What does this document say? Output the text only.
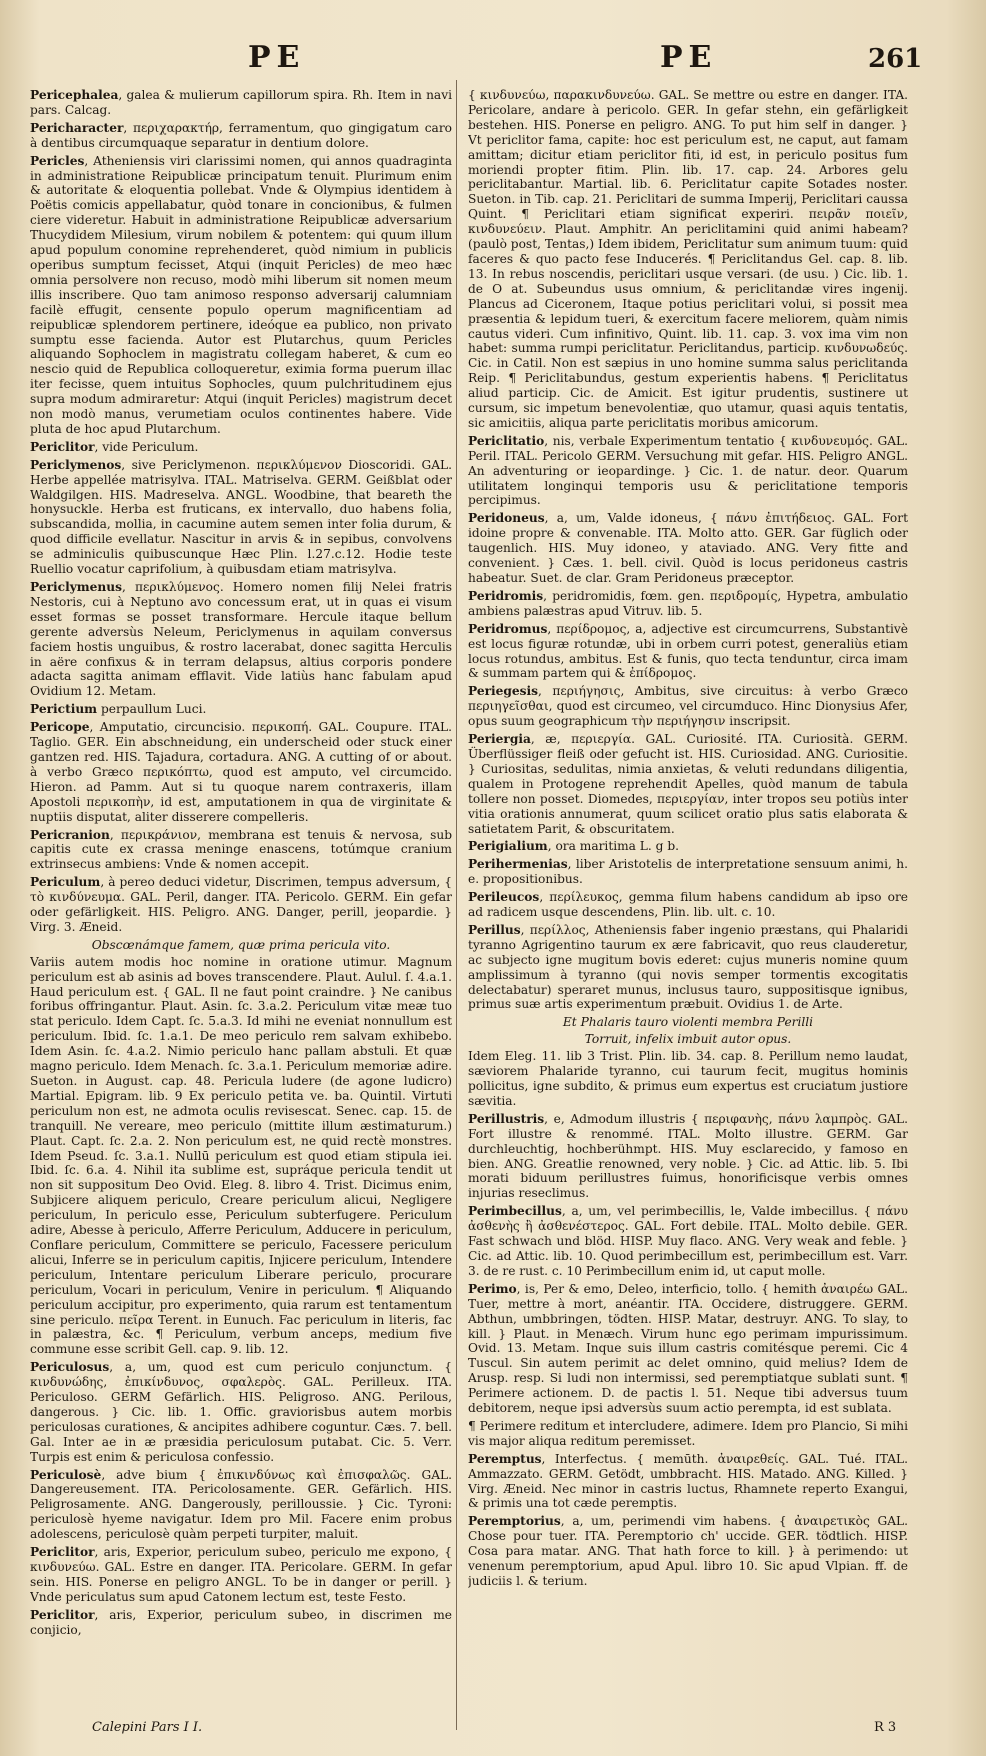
PE	PE	261
Pericephalea, galea & mulierum capillorum spira. Rh. Item in navi pars. Calcag.
Pericharacter, περιχαρακτήρ, ferramentum, quo gingigatum caro à dentibus circumquaque separatur in dentium dolore.
Pericles, Atheniensis viri clarissimi nomen, qui annos quadraginta in administratione Reipublicæ principatum tenuit. Plurimum enim & autoritate & eloquentia pollebat. Vnde & Olympius identidem à Poëtis comicis appellabatur, quòd tonare in concionibus, & fulmen ciere videretur. Habuit in administratione Reipublicæ adversarium Thucydidem Milesium, virum nobilem & potentem: qui quum illum apud populum conomine reprehenderet, quòd nimium in publicis operibus sumptum fecisset, Atqui (inquit Pericles) de meo hæc omnia persolvere non recuso, modò mihi liberum sit nomen meum illis inscribere. Quo tam animoso responso adversarij calumniam facilè effugit, censente populo operum magnificentiam ad reipublicæ splendorem pertinere, ideóque ea publico, non privato sumptu esse facienda. Autor est Plutarchus, quum Pericles aliquando Sophoclem in magistratu collegam haberet, & cum eo nescio quid de Republica colloqueretur, eximia forma puerum illac iter fecisse, quem intuitus Sophocles, quum pulchritudinem ejus supra modum admiraretur: Atqui (inquit Pericles) magistrum decet non modò manus, verumetiam oculos continentes habere. Vide pluta de hoc apud Plutarchum.
Periclitor, vide Periculum.
Periclymenos, sive Periclymenon. περικλύμενον Dioscoridi. GAL. Herbe appellée matrisylva. ITAL. Matriselva. GERM. Geißblat oder Waldgilgen. HIS. Madreselva. ANGL. Woodbine, that beareth the honysuckle. Herba est fruticans, ex intervallo, duo habens folia, subscandida, mollia, in cacumine autem semen inter folia durum, & quod difficile evellatur. Nascitur in arvis & in sepibus, convolvens se adminiculis quibuscunque Hæc Plin. l.27.c.12. Hodie teste Ruellio vocatur caprifolium, à quibusdam etiam matrisylva.
Periclymenus, περικλύμενος. Homero nomen filij Nelei fratris Nestoris, cui à Neptuno avo concessum erat, ut in quas ei visum esset formas se posset transformare. Hercule itaque bellum gerente adversùs Neleum, Periclymenus in aquilam conversus faciem hostis unguibus, & rostro lacerabat, donec sagitta Herculis in aëre confixus & in terram delapsus, altius corporis pondere adacta sagitta animam efflavit. Vide latiùs hanc fabulam apud Ovidium 12. Metam.
Perictium perpaullum Luci.
Pericope, Amputatio, circuncisio. περικοπή. GAL. Coupure. ITAL. Taglio. GER. Ein abschneidung, ein underscheid oder stuck einer gantzen red. HIS. Tajadura, cortadura. ANG. A cutting of or about. à verbo Græco περικόπτω, quod est amputo, vel circumcido. Hieron. ad Pamm. Aut si tu quoque narem contraxeris, illam Apostoli περικοπὴν, id est, amputationem in qua de virginitate & nuptiis disputat, aliter disserere compelleris.
Pericranion, περικράνιον, membrana est tenuis & nervosa, sub capitis cute ex crassa meninge enascens, totúmque cranium extrinsecus ambiens: Vnde & nomen accepit.
Periculum, à pereo deduci videtur, Discrimen, tempus adversum, { τὸ κινδύνευμα. GAL. Peril, danger. ITA. Pericolo. GERM. Ein gefar oder gefärligkeit. HIS. Peligro. ANG. Danger, perill, jeopardie. } Virg. 3. Æneid.
Obscœnámque famem, quæ prima pericula vito.
Variis autem modis hoc nomine in oratione utimur. Magnum periculum est ab asinis ad boves transcendere. Plaut. Aulul. ſ. 4.a.1. Haud periculum est. { GAL. Il ne faut point craindre. } Ne canibus foribus offringantur. Plaut. Asin. ſc. 3.a.2. Periculum vitæ meæ tuo stat periculo. Idem Capt. ſc. 5.a.3. Id mihi ne eveniat nonnullum est periculum. Ibid. ſc. 1.a.1. De meo periculo rem salvam exhibebo. Idem Asin. ſc. 4.a.2. Nimio periculo hanc pallam abstuli. Et quæ magno periculo. Idem Menach. ſc. 3.a.1. Periculum memoriæ adire. Sueton. in August. cap. 48. Pericula ludere (de agone ludicro) Martial. Epigram. lib. 9 Ex periculo petita ve. ba. Quintil. Virtuti periculum non est, ne admota oculis revisescat. Senec. cap. 15. de tranquill. Ne vereare, meo periculo (mittite illum æstimaturum.) Plaut. Capt. ſc. 2.a. 2. Non periculum est, ne quid rectè monstres. Idem Pseud. ſc. 3.a.1. Nullū periculum est quod etiam stipula iei. Ibid. ſc. 6.a. 4. Nihil ita sublime est, supráque pericula tendit ut non sit suppositum Deo Ovid. Eleg. 8. libro 4. Trist. Dicimus enim, Subjicere aliquem periculo, Creare periculum alicui, Negligere periculum, In periculo esse, Periculum subterfugere. Periculum adire, Abesse à periculo, Afferre Periculum, Adducere in periculum, Conflare periculum, Committere se periculo, Facessere periculum alicui, Inferre se in periculum capitis, Injicere periculum, Intendere periculum, Intentare periculum Liberare periculo, procurare periculum, Vocari in periculum, Venire in periculum. ¶ Aliquando periculum accipitur, pro experimento, quia rarum est tentamentum sine periculo. πεῖρα Terent. in Eunuch. Fac periculum in literis, fac in palæstra, &c. ¶ Periculum, verbum anceps, medium five commune esse scribit Gell. cap. 9. lib. 12.
Periculosus, a, um, quod est cum periculo conjunctum. { κινδυνώδης, ἐπικίνδυνος, σφαλερὸς. GAL. Perilleux. ITA. Periculoso. GERM Gefärlich. HIS. Peligroso. ANG. Perilous, dangerous. } Cic. lib. 1. Offic. graviorisbus autem morbis periculosas curationes, & ancipites adhibere coguntur. Cæs. 7. bell. Gal. Inter ae in æ præsidia periculosum putabat. Cic. 5. Verr. Turpis est enim & periculosa confessio.
Periculosè, adve bium { ἐπικινδύνως καὶ ἐπισφαλῶς. GAL. Dangereusement. ITA. Pericolosamente. GER. Gefärlich. HIS. Peligrosamente. ANG. Dangerously, perilloussie. } Cic. Tyroni: periculosè hyeme navigatur. Idem pro Mil. Facere enim probus adolescens, periculosè quàm perpeti turpiter, maluit.
Periclitor, aris, Experior, periculum subeo, periculo me expono, { κινδυνεύω. GAL. Estre en danger. ITA. Pericolare. GERM. In gefar sein. HIS. Ponerse en peligro ANGL. To be in danger or perill. } Vnde periculatus sum apud Catonem lectum est, teste Festo.
Periclitor, aris, Experior, periculum subeo, in discrimen me conjicio,
{ κινδυνεύω, παρακινδυνεύω. GAL. Se mettre ou estre en danger. ITA. Pericolare, andare à pericolo. GER. In gefar stehn, ein gefärligkeit bestehen. HIS. Ponerse en peligro. ANG. To put him self in danger. } Vt periclitor fama, capite: hoc est periculum est, ne caput, aut famam amittam; dicitur etiam periclitor fiti, id est, in periculo positus fum moriendi propter fitim. Plin. lib. 17. cap. 24. Arbores gelu periclitabantur. Martial. lib. 6. Periclitatur capite Sotades noster. Sueton. in Tib. cap. 21. Periclitari de summa Imperij, Periclitari caussa Quint. ¶ Periclitari etiam significat experiri. πειρᾶν ποιεῖν, κινδυνεύειν. Plaut. Amphitr. An periclitamini quid animi habeam? (paulò post, Tentas,) Idem ibidem, Periclitatur sum animum tuum: quid faceres & quo pacto fese Inducerés. ¶ Periclitandus Gel. cap. 8. lib. 13. In rebus noscendis, periclitari usque versari. (de usu. ) Cic. lib. 1. de O at. Subeundus usus omnium, & periclitandæ vires ingenij. Plancus ad Ciceronem, Itaque potius periclitari volui, si possit mea præsentia & lepidum tueri, & exercitum facere meliorem, quàm nimis cautus videri. Cum infinitivo, Quint. lib. 11. cap. 3. vox ima vim non habet: summa rumpi periclitatur. Periclitandus, particip. κινδυνωδεύς. Cic. in Catil. Non est sæpius in uno homine summa salus periclitanda Reip. ¶ Periclitabundus, gestum experientis habens. ¶ Periclitatus aliud particip. Cic. de Amicit. Est igitur prudentis, sustinere ut cursum, sic impetum benevolentiæ, quo utamur, quasi aquis tentatis, sic amicitiis, aliqua parte periclitatis moribus amicorum.
Periclitatio, nis, verbale Experimentum tentatio { κινδυνευμός. GAL. Peril. ITAL. Pericolo GERM. Versuchung mit gefar. HIS. Peligro ANGL. An adventuring or ieopardinge. } Cic. 1. de natur. deor. Quarum utilitatem longinqui temporis usu & periclitatione temporis percipimus.
Peridoneus, a, um, Valde idoneus, { πάνυ ἐπιτήδειος. GAL. Fort idoine propre & convenable. ITA. Molto atto. GER. Gar füglich oder taugenlich. HIS. Muy idoneo, y ataviado. ANG. Very fitte and convenient. } Cæs. 1. bell. civil. Quòd is locus peridoneus castris habeatur. Suet. de clar. Gram Peridoneus præceptor.
Peridromis, peridromidis, fœm. gen. περιδρομίς, Hypetra, ambulatio ambiens palæstras apud Vitruv. lib. 5.
Peridromus, περίδρομος, a, adjective est circumcurrens, Substantivè est locus figuræ rotundæ, ubi in orbem curri potest, generaliùs etiam locus rotundus, ambitus. Est & funis, quo tecta tenduntur, circa imam & summam partem qui & ἐπίδρομος.
Periegesis, περιήγησις, Ambitus, sive circuitus: à verbo Græco περιηγεῖσθαι, quod est circumeo, vel circumduco. Hinc Dionysius Afer, opus suum geographicum τὴν περιήγησιν inscripsit.
Periergia, æ, περιεργία. GAL. Curiosité. ITA. Curiosità. GERM. Überflüssiger fleiß oder gefucht ist. HIS. Curiosidad. ANG. Curiositie. } Curiositas, sedulitas, nimia anxietas, & veluti redundans diligentia, qualem in Protogene reprehendit Apelles, quòd manum de tabula tollere non posset. Diomedes, περιεργίαν, inter tropos seu potiùs inter vitia orationis annumerat, quum scilicet oratio plus satis elaborata & satietatem Parit, & obscuritatem.
Perigialium, ora maritima L. g b.
Perihermenias, liber Aristotelis de interpretatione sensuum animi, h. e. propositionibus.
Perileucos, περίλευκος, gemma filum habens candidum ab ipso ore ad radicem usque descendens, Plin. lib. ult. c. 10.
Perillus, περίλλος, Atheniensis faber ingenio præstans, qui Phalaridi tyranno Agrigentino taurum ex ære fabricavit, quo reus clauderetur, ac subjecto igne mugitum bovis ederet: cujus muneris nomine quum amplissimum à tyranno (qui novis semper tormentis excogitatis delectabatur) speraret munus, inclusus tauro, suppositisque ignibus, primus suæ artis experimentum præbuit. Ovidius 1. de Arte.
Et Phalaris tauro violenti membra Perilli
Torruit, infelix imbuit autor opus.
Idem Eleg. 11. lib 3 Trist. Plin. lib. 34. cap. 8. Perillum nemo laudat, sæviorem Phalaride tyranno, cui taurum fecit, mugitus hominis pollicitus, igne subdito, & primus eum expertus est cruciatum justiore sævitia.
Perillustris, e, Admodum illustris { περιφανὴς, πάνυ λαμπρὸς. GAL. Fort illustre & renommé. ITAL. Molto illustre. GERM. Gar durchleuchtig, hochberühmpt. HIS. Muy esclarecido, y famoso en bien. ANG. Greatlie renowned, very noble. } Cic. ad Attic. lib. 5. Ibi morati biduum perillustres fuimus, honorificisque verbis omnes injurias reseclimus.
Perimbecillus, a, um, vel perimbecillis, le, Valde imbecillus. { πάνυ ἀσθενὴς ἢ ἀσθενέστερος. GAL. Fort debile. ITAL. Molto debile. GER. Fast schwach und blöd. HISP. Muy flaco. ANG. Very weak and feble. } Cic. ad Attic. lib. 10. Quod perimbecillum est, perimbecillum est. Varr. 3. de re rust. c. 10 Perimbecillum enim id, ut caput molle.
Perimo, is, Per & emo, Deleo, interficio, tollo. { hemith ἀναιρέω GAL. Tuer, mettre à mort, anéantir. ITA. Occidere, distruggere. GERM. Abthun, umbbringen, tödten. HISP. Matar, destruyr. ANG. To slay, to kill. } Plaut. in Menæch. Virum hunc ego perimam impurissimum. Ovid. 13. Metam. Inque suis illum castris comitésque peremi. Cic 4 Tuscul. Sin autem perimit ac delet omnino, quid melius? Idem de Arusp. resp. Si ludi non intermissi, sed peremptiatque sublati sunt. ¶ Perimere actionem. D. de pactis l. 51. Neque tibi adversus tuum debitorem, neque ipsi adversùs suum actio perempta, id est sublata.
¶ Perimere reditum et intercludere, adimere. Idem pro Plancio, Si mihi vis major aliqua reditum peremisset.
Peremptus, Interfectus. { memūth. ἀναιρεθείς. GAL. Tué. ITAL. Ammazzato. GERM. Getödt, umbbracht. HIS. Matado. ANG. Killed. } Virg. Æneid. Nec minor in castris luctus, Rhamnete reperto Exangui, & primis una tot cæde peremptis.
Peremptorius, a, um, perimendi vim habens. { ἀναιρετικὸς GAL. Chose pour tuer. ITA. Peremptorio ch' uccide. GER. tödtlich. HISP. Cosa para matar. ANG. That hath force to kill. } à perimendo: ut venenum peremptorium, apud Apul. libro 10. Sic apud Vlpian. ff. de judiciis l. & terium.
Calepini Pars I I.	R 3
